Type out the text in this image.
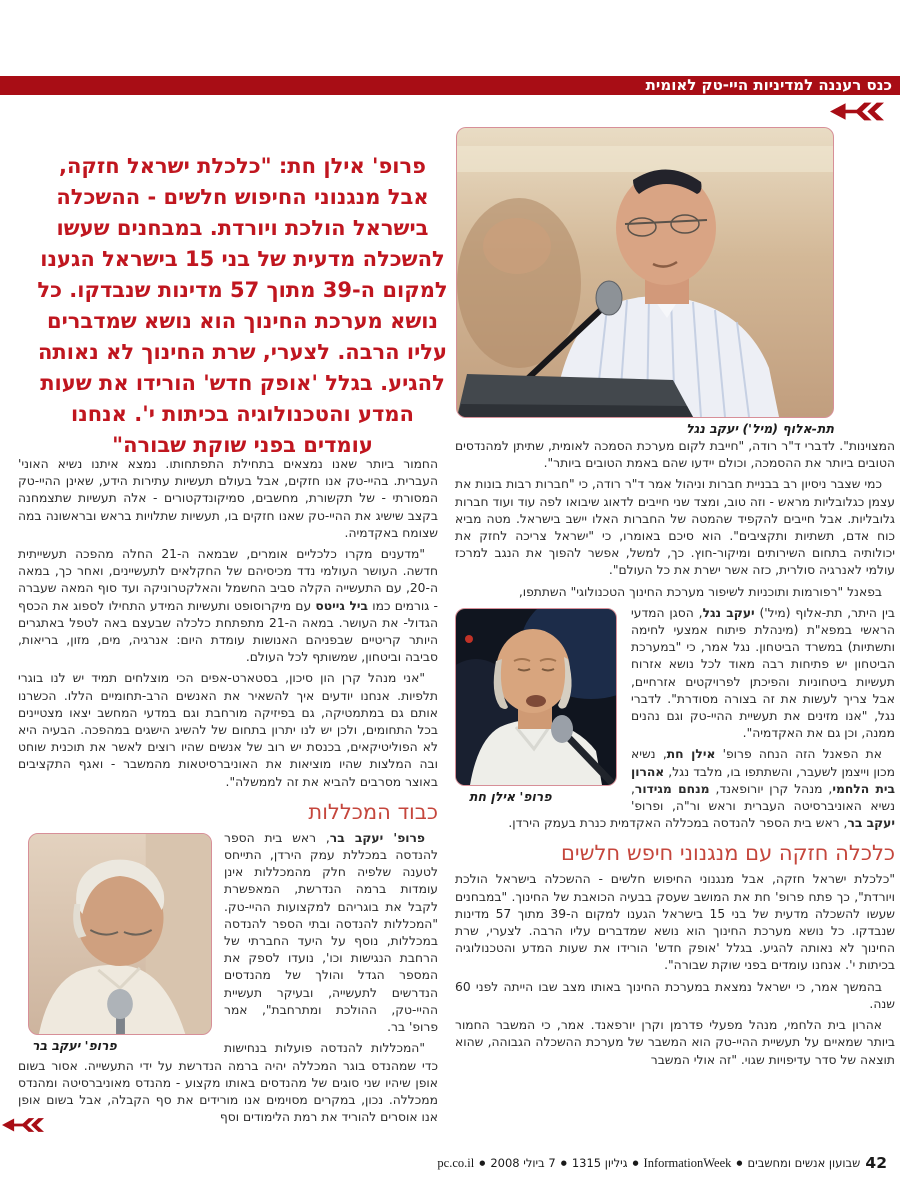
כנס רעננה למדיניות היי-טק לאומית
פרופ' אילן חת: "כלכלת ישראל חזקה, אבל מנגנוני החיפוש חלשים - ההשכלה בישראל הולכת ויורדת. במבחנים שעשו להשכלה מדעית של בני 15 בישראל הגענו למקום ה-39 מתוך 57 מדינות שנבדקו. כל נושא מערכת החינוך הוא נושא שמדברים עליו הרבה. לצערי, שרת החינוך לא נאותה להגיע. בגלל 'אופק חדש' הורידו את שעות המדע והטכנולוגיה בכיתות י'. אנחנו עומדים בפני שוקת שבורה"
תת-אלוף (מיל') יעקב נגל

המצוינות". לדברי ד"ר רודה, "חייבת לקום מערכת הסמכה לאומית, שתיתן למהנדסים הטובים ביותר את ההסמכה, וכולם יידעו שהם באמת הטובים ביותר".

כמי שצבר ניסיון רב בבניית חברות וניהול אמר ד"ר רודה, כי "חברות רבות בונות את עצמן כגלובליות מראש - וזה טוב, ומצד שני חייבים לדאוג שיבואו לפה עוד ועוד חברות גלובליות. אבל חייבים להקפיד שהמטה של החברות האלו יישב בישראל. מטה מביא כוח אדם, תשתיות ותקציבים". הוא סיכם באומרו, כי "ישראל צריכה לחזק את יכולותיה בתחום השירותים ומיקור-חוץ. כך, למשל, אפשר להפוך את הנגב למרכז עולמי לאנרגיה סולרית, כזה אשר ישרת את כל העולם".

בפאנל "רפורמות ותוכניות לשיפור מערכת החינוך הטכנולוגי" השתתפו,

פרופ' אילן חת

בין היתר, תת-אלוף (מיל') יעקב נגל, הסגן המדעי הראשי במפא"ת (מינהלת פיתוח אמצעי לחימה ותשתיות) במשרד הביטחון. נגל אמר, כי "במערכת הביטחון יש פתיחות רבה מאוד לכל נושא אזרוח תעשיות ביטחוניות והפיכתן לפרויקטים אזרחיים, אבל צריך לעשות את זה בצורה מסודרת". לדברי נגל, "אנו מזינים את תעשיית ההיי-טק וגם נהנים ממנה, וכן גם את האקדמיה".

את הפאנל הזה הנחה פרופ' אילן חת, נשיא מכון וייצמן לשעבר, והשתתפו בו, מלבד נגל, אהרון בית הלחמי, מנהל קרן יורופאנד, מנחם מגידור, נשיא האוניברסיטה העברית וראש ור"ה, ופרופ' יעקב בר, ראש בית הספר להנדסה במכללה האקדמית כנרת בעמק הירדן.

כלכלה חזקה עם מנגנוני חיפש חלשים

"כלכלת ישראל חזקה, אבל מנגנוני החיפוש חלשים - ההשכלה בישראל הולכת ויורדת", כך פתח פרופ' חת את המושב שעסק בבעיה הכואבת של החינוך. "במבחנים שעשו להשכלה מדעית של בני 15 בישראל הגענו למקום ה-39 מתוך 57 מדינות שנבדקו. כל נושא מערכת החינוך הוא נושא שמדברים עליו הרבה. לצערי, שרת החינוך לא נאותה להגיע. בגלל 'אופק חדש' הורידו את שעות המדע והטכנולוגיה בכיתות י'. אנחנו עומדים בפני שוקת שבורה".

בהמשך אמר, כי ישראל נמצאת במערכת החינוך באותו מצב שבו הייתה לפני 60 שנה.

אהרון בית הלחמי, מנהל מפעלי פדרמן וקרן יורפאנד. אמר, כי המשבר החמור ביותר שמאיים על תעשיית ההיי-טק הוא המשבר של מערכת ההשכלה הגבוהה, שהוא תוצאה של סדר עדיפויות שגוי. "זה אולי המשבר

החמור ביותר שאנו נמצאים בתחילת התפתחותו. נמצא איתנו נשיא האוני' העברית. בהיי-טק אנו חזקים, אבל בעולם תעשיות עתירות הידע, שאינן ההיי-טק המסורתי - של תקשורת, מחשבים, סמיקונדקטורים - אלה תעשיות שתצמחנה בקצב שישיג את ההיי-טק שאנו חזקים בו, תעשיות שתלויות בראש ובראשונה במה שצומח באקדמיה.

"מדענים מקרו כלכליים אומרים, שבמאה ה-21 החלה מהפכה תעשייתית חדשה. העושר העולמי נדד מכיסיהם של החקלאים לתעשיינים, ואחר כך, במאה ה-20, עם התעשייה הקלה סביב החשמל והאלקטרוניקה ועד סוף המאה שעברה - גורמים כמו ביל גייטס עם מיקרוסופט ותעשיות המידע התחילו לספוג את הכסף הגדול- את העושר. במאה ה-21 מתפתחת כלכלה שבעצם באה לטפל באתגרים היותר קריטיים שבפניהם האנושות עומדת היום: אנרגיה, מים, מזון, בריאות, סביבה וביטחון, שמשותף לכל העולם.

"אני מנהל קרן הון סיכון, בסטארט-אפים הכי מוצלחים תמיד יש לנו בוגרי תלפיות. אנחנו יודעים איך להשאיר את האנשים הרב-תחומיים הללו. הכשרנו אותם גם במתמטיקה, גם בפיזיקה מורחבת וגם במדעי המחשב יצאו מצטיינים בכל התחומים, ולכן יש לנו יתרון בתחום של להשיג הישגים במהפכה. הבעיה היא לא הפוליטיקאים, בכנסת יש רוב של אנשים שהיו רוצים לאשר את תוכנית שוחט ובה המלצות שהיו מוציאות את האוניברסיטאות מהמשבר - ואגף התקציבים באוצר מסרבים להביא את זה לממשלה".

כבוד המכללות
פרופ' יעקב בר

פרופ' יעקב בר, ראש בית הספר להנדסה במכללת עמק הירדן, התייחס לטענה שלפיה חלק מהמכללות אינן עומדות ברמה הנדרשת, המאפשרת לקבל את בוגריהם למקצועות ההיי-טק. "המכללות להנדסה ובתי הספר להנדסה במכללות, נוסף על היעד החברתי של הרחבת הנגישות וכו', נועדו לספק את המספר הגדל והולך של מהנדסים הנדרשים לתעשייה, ובעיקר תעשיית ההיי-טק, ההולכת ומתרחבת", אמר פרופ' בר.

"המכללות להנדסה פועלות בנחישות כדי שמהנדס בוגר המכללה יהיה ברמה הנדרשת על ידי התעשייה. אסור בשום אופן שיהיו שני סוגים של מהנדסים באותו מקצוע - מהנדס מאוניברסיטה ומהנדס ממכללה. נכון, במקרים מסוימים אנו מורידים את סף הקבלה, אבל בשום אופן אנו אוסרים להוריד את רמת הלימודים וסף

42 שבועון אנשים ומחשבים●InformationWeek●גיליון 1315●7 ביולי 2008●pc.co.il
